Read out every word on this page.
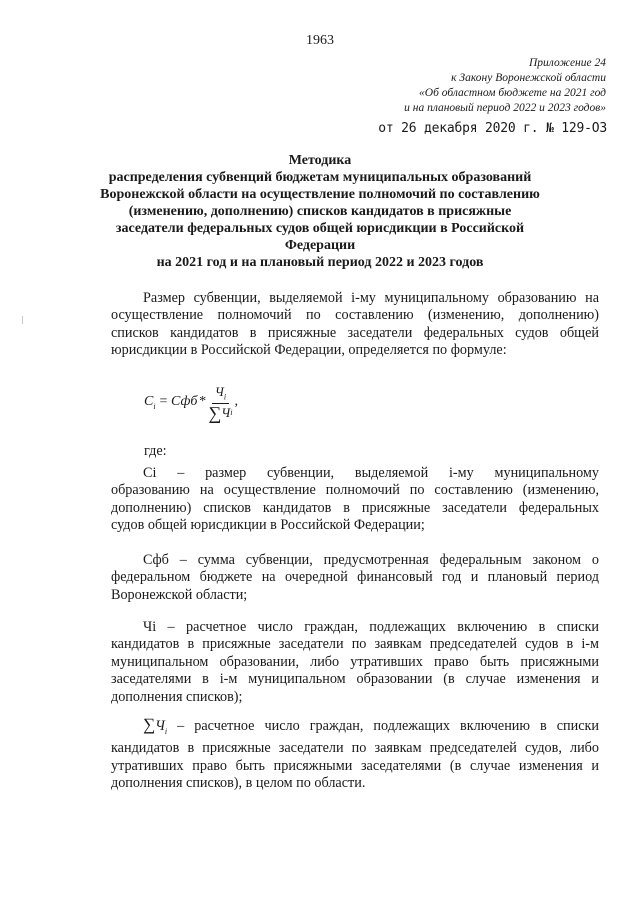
1963
Приложение 24
к Закону Воронежской области
«Об областном бюджете на 2021 год
и на плановый период 2022 и 2023 годов»
от 26 декабря 2020 г. № 129-ОЗ
Методика
распределения субвенций бюджетам муниципальных образований
Воронежской области на осуществление полномочий по составлению
(изменению, дополнению) списков кандидатов в присяжные
заседатели федеральных судов общей юрисдикции в Российской
Федерации
на 2021 год и на плановый период 2022 и 2023 годов
Размер субвенции, выделяемой i-му муниципальному образованию на
осуществление полномочий по составлению (изменению, дополнению)
списков кандидатов в присяжные заседатели федеральных судов общей
юрисдикции в Российской Федерации, определяется по формуле:
$C_i$ = Сфб * $\frac{Ч_i}{\text{∑ Ч i}}$ ,
где:
Ci – размер субвенции, выделяемой i-му муниципальному
образованию на осуществление полномочий по составлению (изменению,
дополнению) списков кандидатов в присяжные заседатели федеральных
судов общей юрисдикции в Российской Федерации;
Сфб – сумма субвенции, предусмотренная федеральным законом о
федеральном бюджете на очередной финансовый год и плановый период
Воронежской области;
Чi – расчетное число граждан, подлежащих включению в списки
кандидатов в присяжные заседатели по заявкам председателей судов в i-м
муниципальном образовании, либо утративших право быть присяжными
заседателями в i-м муниципальном образовании (в случае изменения и
дополнения списков);
$\sum Ч_i$ – расчетное число граждан, подлежащих включению в списки
кандидатов в присяжные заседатели по заявкам председателей судов, либо
утративших право быть присяжными заседателями (в случае изменения и
дополнения списков), в целом по области.
